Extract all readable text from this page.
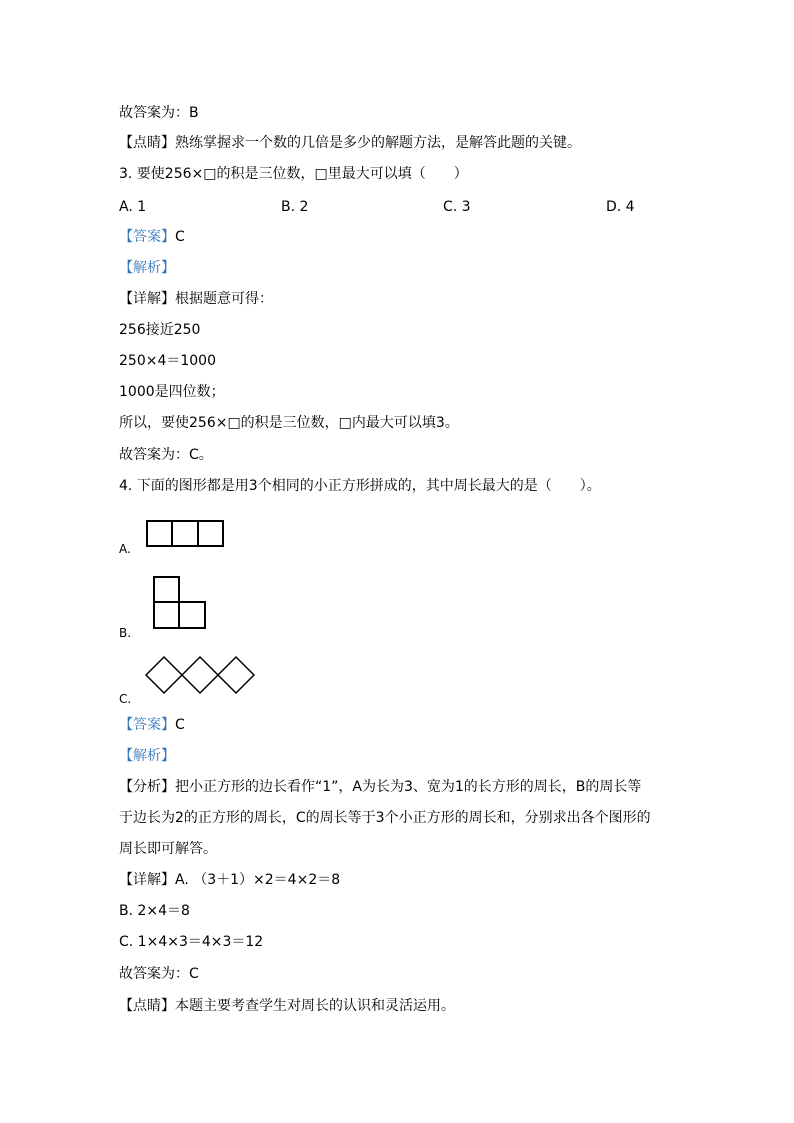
故答案为：B
【点睛】熟练掌握求一个数的几倍是多少的解题方法，是解答此题的关键。
3. 要使256×□的积是三位数，□里最大可以填（　　）
A. 1	B. 2	C. 3	D. 4
【答案】C
【解析】
【详解】根据题意可得：
256接近250
250×4＝1000
1000是四位数；
所以，要使256×□的积是三位数，□内最大可以填3。
故答案为：C。
4. 下面的图形都是用3个相同的小正方形拼成的，其中周长最大的是（　　）。
A.
B.
C.
【答案】C
【解析】
【分析】把小正方形的边长看作“1”，A为长为3、宽为1的长方形的周长，B的周长等
于边长为2的正方形的周长，C的周长等于3个小正方形的周长和，分别求出各个图形的
周长即可解答。
【详解】A. （3＋1）×2＝4×2＝8
B. 2×4＝8
C. 1×4×3＝4×3＝12
故答案为：C
【点睛】本题主要考查学生对周长的认识和灵活运用。
